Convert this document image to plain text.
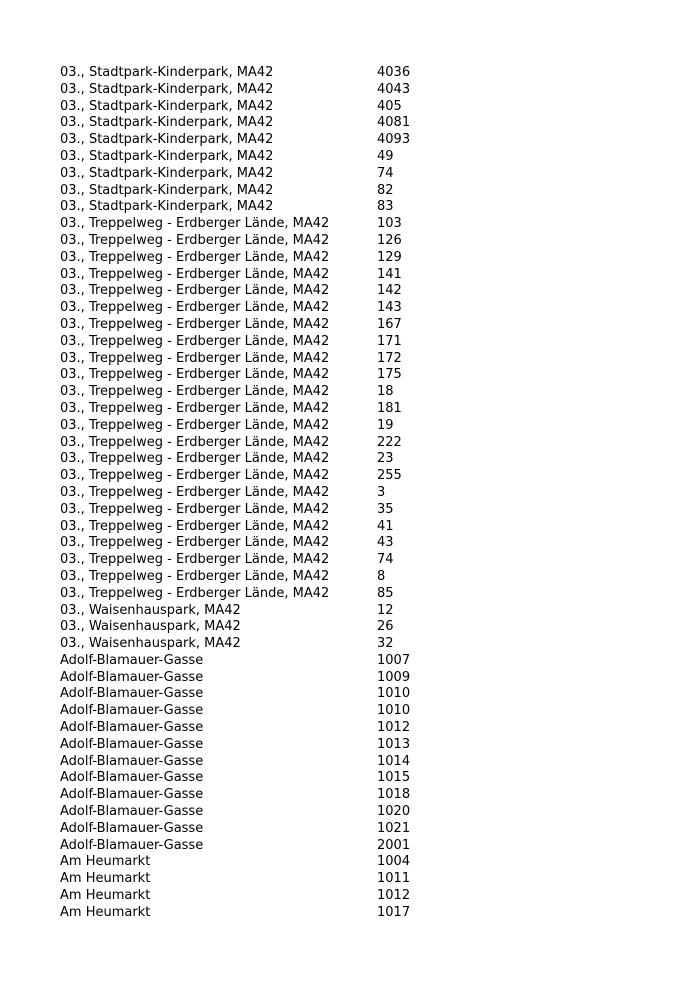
03., Stadtpark-Kinderpark, MA42	4036
03., Stadtpark-Kinderpark, MA42	4043
03., Stadtpark-Kinderpark, MA42	405
03., Stadtpark-Kinderpark, MA42	4081
03., Stadtpark-Kinderpark, MA42	4093
03., Stadtpark-Kinderpark, MA42	49
03., Stadtpark-Kinderpark, MA42	74
03., Stadtpark-Kinderpark, MA42	82
03., Stadtpark-Kinderpark, MA42	83
03., Treppelweg - Erdberger Lände, MA42	103
03., Treppelweg - Erdberger Lände, MA42	126
03., Treppelweg - Erdberger Lände, MA42	129
03., Treppelweg - Erdberger Lände, MA42	141
03., Treppelweg - Erdberger Lände, MA42	142
03., Treppelweg - Erdberger Lände, MA42	143
03., Treppelweg - Erdberger Lände, MA42	167
03., Treppelweg - Erdberger Lände, MA42	171
03., Treppelweg - Erdberger Lände, MA42	172
03., Treppelweg - Erdberger Lände, MA42	175
03., Treppelweg - Erdberger Lände, MA42	18
03., Treppelweg - Erdberger Lände, MA42	181
03., Treppelweg - Erdberger Lände, MA42	19
03., Treppelweg - Erdberger Lände, MA42	222
03., Treppelweg - Erdberger Lände, MA42	23
03., Treppelweg - Erdberger Lände, MA42	255
03., Treppelweg - Erdberger Lände, MA42	3
03., Treppelweg - Erdberger Lände, MA42	35
03., Treppelweg - Erdberger Lände, MA42	41
03., Treppelweg - Erdberger Lände, MA42	43
03., Treppelweg - Erdberger Lände, MA42	74
03., Treppelweg - Erdberger Lände, MA42	8
03., Treppelweg - Erdberger Lände, MA42	85
03., Waisenhauspark, MA42	12
03., Waisenhauspark, MA42	26
03., Waisenhauspark, MA42	32
Adolf-Blamauer-Gasse	1007
Adolf-Blamauer-Gasse	1009
Adolf-Blamauer-Gasse	1010
Adolf-Blamauer-Gasse	1010
Adolf-Blamauer-Gasse	1012
Adolf-Blamauer-Gasse	1013
Adolf-Blamauer-Gasse	1014
Adolf-Blamauer-Gasse	1015
Adolf-Blamauer-Gasse	1018
Adolf-Blamauer-Gasse	1020
Adolf-Blamauer-Gasse	1021
Adolf-Blamauer-Gasse	2001
Am Heumarkt	1004
Am Heumarkt	1011
Am Heumarkt	1012
Am Heumarkt	1017
